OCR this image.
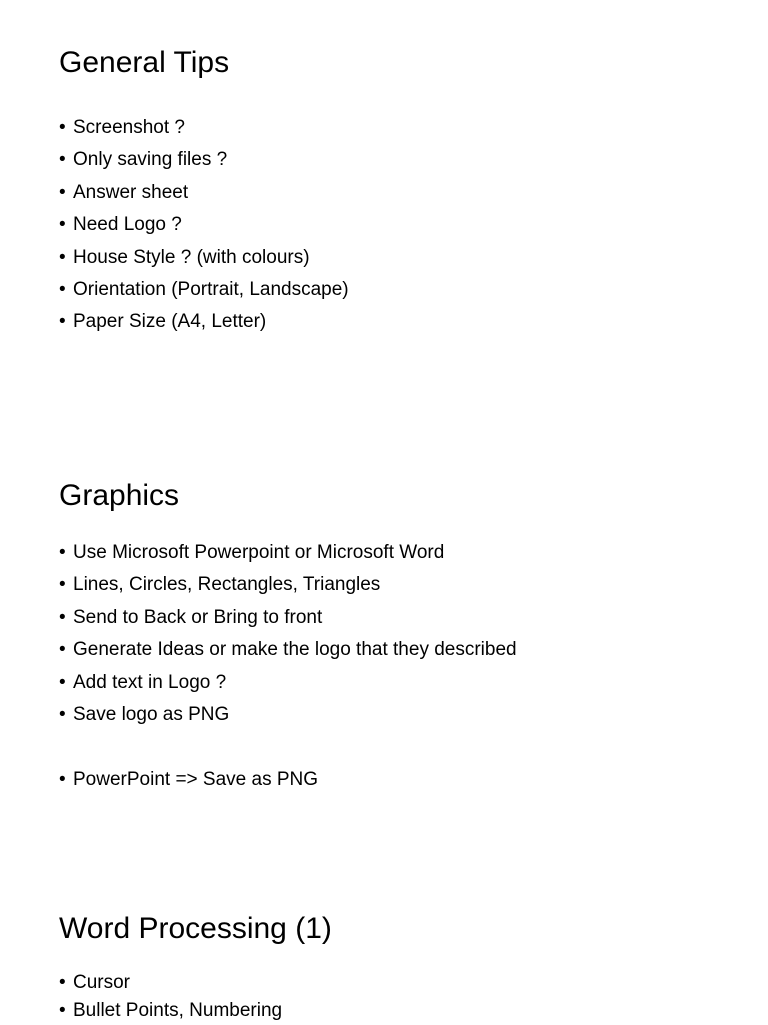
General Tips
• Screenshot ?
• Only saving files ?
• Answer sheet
• Need Logo ?
• House Style ? (with colours)
• Orientation (Portrait, Landscape)
• Paper Size (A4, Letter)
Graphics
• Use Microsoft Powerpoint or Microsoft Word
• Lines, Circles, Rectangles, Triangles
• Send to Back or Bring to front
• Generate Ideas or make the logo that they described
• Add text in Logo ?
• Save logo as PNG
• PowerPoint => Save as PNG
Word Processing (1)
• Cursor
• Bullet Points, Numbering
